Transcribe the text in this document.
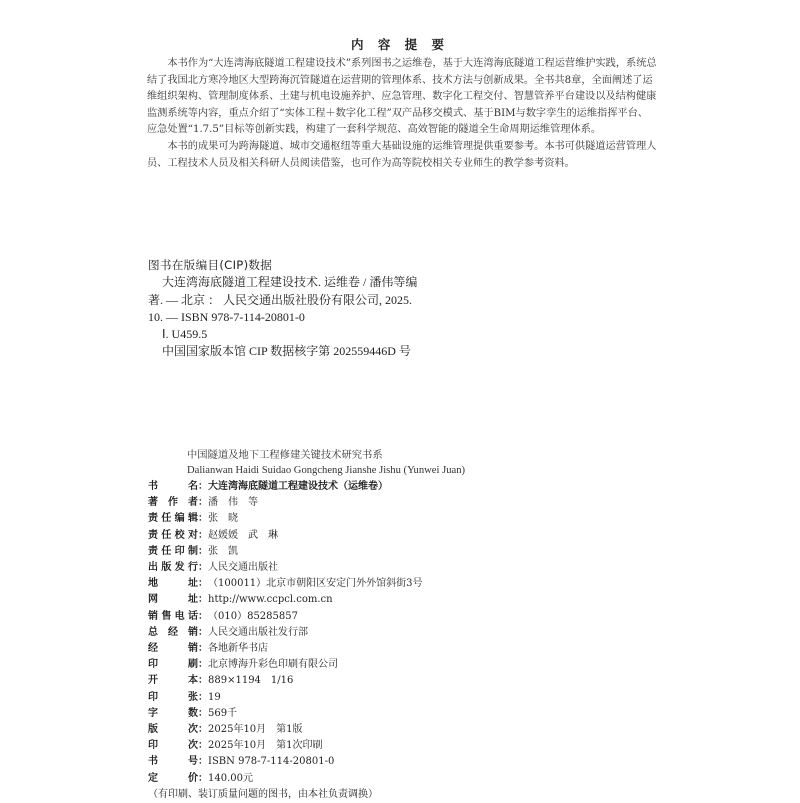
内 容 提 要

本书作为“大连湾海底隧道工程建设技术”系列图书之运维卷，基于大连湾海底隧道工程运营维护实践，系统总结了我国北方寒冷地区大型跨海沉管隧道在运营期的管理体系、技术方法与创新成果。全书共8章，全面阐述了运维组织架构、管理制度体系、土建与机电设施养护、应急管理、数字化工程交付、智慧管养平台建设以及结构健康监测系统等内容，重点介绍了“实体工程＋数字化工程”双产品移交模式、基于BIM与数字孪生的运维指挥平台、应急处置“1.7.5”目标等创新实践，构建了一套科学规范、高效智能的隧道全生命周期运维管理体系。

本书的成果可为跨海隧道、城市交通枢纽等重大基础设施的运维管理提供重要参考。本书可供隧道运营管理人员、工程技术人员及相关科研人员阅读借鉴，也可作为高等院校相关专业师生的教学参考资料。

图书在版编目(CIP)数据
大连湾海底隧道工程建设技术. 运维卷 / 潘伟等编
著. — 北京 ： 人民交通出版社股份有限公司, 2025.
10. — ISBN 978-7-114-20801-0
Ⅰ. U459.5
中国国家版本馆 CIP 数据核字第 202559446D 号
中国隧道及地下工程修建关键技术研究书系
Dalianwan Haidi Suidao Gongcheng Jianshe Jishu (Yunwei Juan)
书名 ： 大连湾海底隧道工程建设技术（运维卷）
著作者 ： 潘　伟　等
责任编辑 ： 张　晓
责任校对 ： 赵媛媛　武　琳
责任印制 ： 张　凯
出版发行 ： 人民交通出版社
地址 ： （100011）北京市朝阳区安定门外外馆斜街3号
网址 ： http://www.ccpcl.com.cn
销售电话 ： （010）85285857
总经销 ： 人民交通出版社发行部
经销 ： 各地新华书店
印刷 ： 北京博海升彩色印刷有限公司
开本 ： 889×1194　1/16
印张 ： 19
字数 ： 569千
版次 ： 2025年10月　第1版
印次 ： 2025年10月　第1次印刷
书号 ： ISBN 978-7-114-20801-0
定价 ： 140.00元
（有印刷、装订质量问题的图书，由本社负责调换）
